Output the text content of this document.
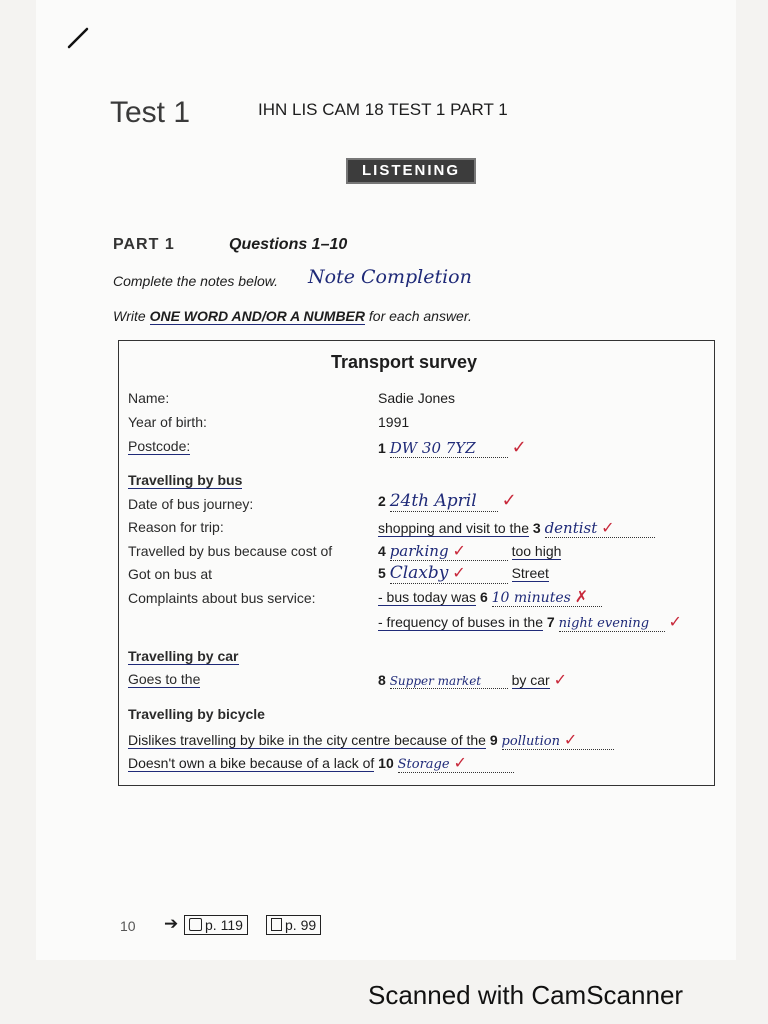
Test 1	IHN LIS CAM 18 TEST 1 PART 1
LISTENING
PART 1	Questions 1–10
Complete the notes below. Note Completion
Write ONE WORD AND/OR A NUMBER for each answer.
Transport survey
Name:	Sadie Jones
Year of birth:	1991
Postcode:	1 DW 30 7YZ ✓
Travelling by bus
Date of bus journey:	2 24th April ✓
Reason for trip:	shopping and visit to the 3 dentist ✓
Travelled by bus because cost of	4 parking ✓	too high
Got on bus at	5 Claxby ✓	Street
Complaints about bus service:	- bus today was 6 10 minutes ✗
- frequency of buses in the 7 night evening ✓
Travelling by car
Goes to the	8 Supper market by car ✓
Travelling by bicycle
Dislikes travelling by bike in the city centre because of the 9 pollution ✓
Doesn't own a bike because of a lack of 10 Storage ✓
10 ➔	p. 119	p. 99
Scanned with CamScanner
